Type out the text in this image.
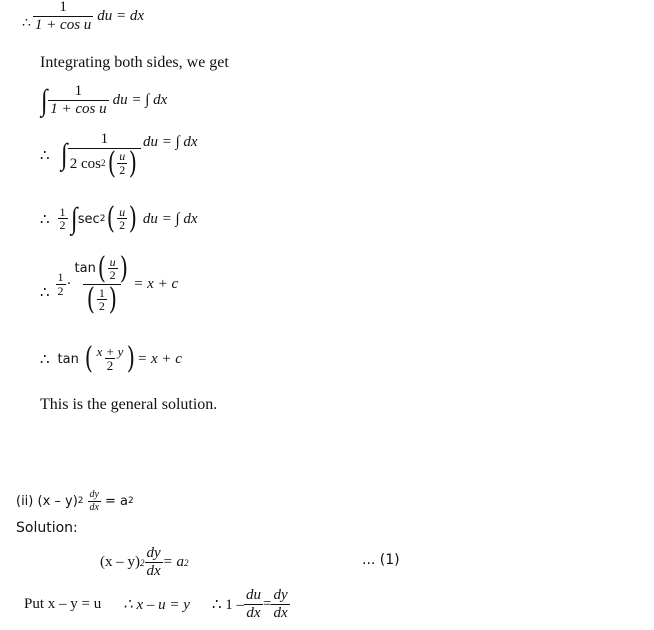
∴ $\frac{1}{\text{1 + cos u}}$ du = dx
Integrating both sides, we get
∫ $\frac{1}{\text{1 + cos u}}$ du = ∫ dx
∴ ∫ $\frac{1}{2 \cos 2 ( \frac{u}{2} )}$ du = ∫ dx
∴ $\frac{1}{2}$ ∫ sec 2 ( $\frac{u}{2}$ ) du = ∫ dx
∴ $\frac{1}{2} \cdot \frac{\tan ( \frac{u}{2} )}{( \frac{1}{2} )} = x + c$
∴ tan ( $\frac{x + y}{2}$ ) = x + c
This is the general solution.
(ii) (x – y) $2 \frac{dy}{dx} = a$ 2
Solution:
(x – y) $2 \frac{dy}{dx} = a$ 2	... (1)
Put x – y = u ∴ x – u = y ∴ $1 - \frac{du}{dx} = \frac{dy}{dx}$
